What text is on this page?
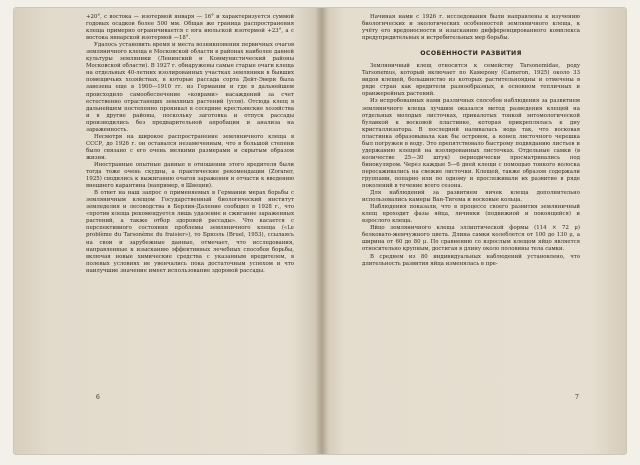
+20°, с востока — изотермой января — 16° и характеризуется суммой годовых осадков более 500 мм. Общая же граница распространения клеща примерно ограничивается с юга июльской изотермой +23°, а с востока январской изотермой —18°.

Удалось установить время и места возникновения первичных очагов земляничного клеща в Московской области в районах наиболее давней культуры земляники (Ленинский и Коммунистический районы Московской области). В 1927 г. обнаружены самые старые очаги клеща на отдельных 40-летних изолированных участках земляники в бывших помещичьих хозяйствах, в которые рассада сорта Дейт-Эвери была завезена еще в 1900—1910 гг. из Германии и где в дальнейшем происходило самообеспечение «коврами» насаждений за счет естественно отрастающих земляных растений (усов). Отсюда клещ в дальнейшем постепенно проникал в соседние крестьянские хозяйства и в другие районы, поскольку заготовка и отпуск рассады производились без предварительной апробации и анализа на зараженность.

Несмотря на широкое распространение земляничного клеща в СССР, до 1926 г. он оставался незамеченным, что в большой степени было связано с его очень мелкими размерами и скрытым образом жизни.

Иностранные опытные данные в отношении этого вредителя были тогда тоже очень скудны, а практические рекомендации (Zoraner, 1925) сводились к выжиганию очагов заражения и отчасти к введению внешнего карантина (например, в Швеции).

В ответ на наш запрос о применяемых в Германии мерах борьбы с земляничным клещом Государственный биологический институт земледелия и лесоводства в Берлин-Даление сообщил в 1928 г., что «против клеща рекомендуется лишь удаление и сжигание зараженных растений, а также отбор здоровой рассады». Что касается с перспективного состояния проблемы земляничного клеща («Le problème du Tarsonème du fraisier»), то Брюэль (Bruel, 1953), ссылаясь на свои и зарубежные данные, отмечает, что исследования, направленные к изысканию эффективных лечебных способов борьбы, включая новые химические средства с указанным вредителем, в полевых условиях не увенчались пока достаточным успехом и что наилучшие значение имеет использование здоровой рассады.

6

Начиная нами с 1926 г. исследования были направлены к изучению биологических и экологических особенностей земляничного клеща, к учёту его вредоносности и изысканию дифференцированного комплекса предупредительных и истребительных мер борьбы.

ОСОБЕННОСТИ РАЗВИТИЯ

Земляничный клещ относится к семейству Tarsonemidae, роду Tarsonemus, который включает по Камерону (Cameron, 1925) около 33 видов клещей, большинство из которых растительноядны и отмечены в ряде стран как вредители разнообразных, в основном тепличных и оранжерейных растений.

Из испробованных нами различных способов наблюдения за развитием земляничного клеща лучшим оказался метод разведения клещей на отдельных молодых листочках, прикалотых тонкой энтомологической булавкой к восковой пластинке, которая прикреплялась к дну кристаллизатора. В последний наливалась вода так, что восковая пластинка образовывала как бы островок, а конец листочного черешка был погружен в воду. Это препятствовало быстрому подвяданию листьев и удержанию клещей на изолированных листочках. Отдельные самки (в количестве 25—30 штук) периодически просматривались под бинокуляром. Через каждые 5—6 дней клещи с помощью тонкого волоска пересаживались на свежие листочки. Клещей, также образом содержали группами, попарно или по одному и прослеживали их развитие в ряде поколений в течение всего сезона.

Для наблюдений за развитием яичек клеща дополнительно использовались камеры Ван-Тигема и восковые кольца.

Наблюдения показали, что в процессе своего развития земляничный клещ проходит фазы яйца, личинки (подвижной и покоящейся) и взрослого клеща.

Яйцо земляничного клеща эллиптической формы (114 × 72 μ) белковато-жемчужного цвета. Длина самки колеблется от 100 до 130 μ, а ширина от 60 до 80 μ. По сравнению со взрослым клещом яйцо является относительно крупным, достигая в длину около половины тела самки.

В среднем из 80 индивидуальных наблюдений установлено, что длительность развития яйца изменялась в пре-

7
